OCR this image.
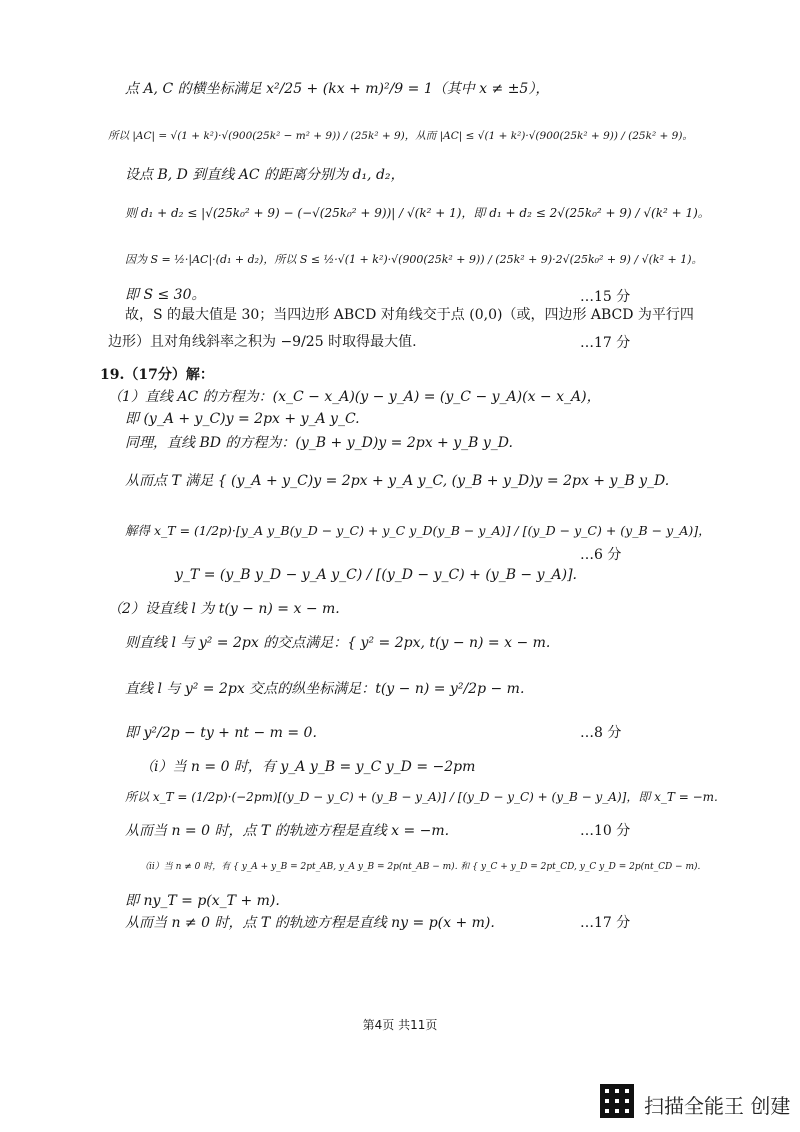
点 A, C 的横坐标满足 x²/25 + (kx + m)²/9 = 1（其中 x ≠ ±5），
所以 |AC| = √(1 + k²)·√(900(25k² − m² + 9)) / (25k² + 9)，从而 |AC| ≤ √(1 + k²)·√(900(25k² + 9)) / (25k² + 9)。
设点 B, D 到直线 AC 的距离分别为 d₁, d₂，
则 d₁ + d₂ ≤ |√(25k₀² + 9) − (−√(25k₀² + 9))| / √(k² + 1)，即 d₁ + d₂ ≤ 2√(25k₀² + 9) / √(k² + 1)。
因为 S = ½·|AC|·(d₁ + d₂)，所以 S ≤ ½·√(1 + k²)·√(900(25k² + 9)) / (25k² + 9)·2√(25k₀² + 9) / √(k² + 1)。
即 S ≤ 30。
故，S 的最大值是 30；当四边形 ABCD 对角线交于点 (0,0)（或，四边形 ABCD 为平行四
边形）且对角线斜率之积为 −9/25 时取得最大值.
19.（17分）解：
（1）直线 AC 的方程为：(x_C − x_A)(y − y_A) = (y_C − y_A)(x − x_A)，
即 (y_A + y_C)y = 2px + y_A y_C.
同理，直线 BD 的方程为：(y_B + y_D)y = 2px + y_B y_D.
从而点 T 满足 { (y_A + y_C)y = 2px + y_A y_C, (y_B + y_D)y = 2px + y_B y_D.
解得 x_T = (1/2p)·[y_A y_B(y_D − y_C) + y_C y_D(y_B − y_A)] / [(y_D − y_C) + (y_B − y_A)]，
y_T = (y_B y_D − y_A y_C) / [(y_D − y_C) + (y_B − y_A)].
（2）设直线 l 为 t(y − n) = x − m.
则直线 l 与 y² = 2px 的交点满足：{ y² = 2px, t(y − n) = x − m.
直线 l 与 y² = 2px 交点的纵坐标满足：t(y − n) = y²/2p − m.
即 y²/2p − ty + nt − m = 0.
（i）当 n = 0 时，有 y_A y_B = y_C y_D = −2pm
所以 x_T = (1/2p)·(−2pm)[(y_D − y_C) + (y_B − y_A)] / [(y_D − y_C) + (y_B − y_A)]，即 x_T = −m.
从而当 n = 0 时，点 T 的轨迹方程是直线 x = −m.
（ii）当 n ≠ 0 时，有 { y_A + y_B = 2pt_AB, y_A y_B = 2p(nt_AB − m). 和 { y_C + y_D = 2pt_CD, y_C y_D = 2p(nt_CD − m).
即 ny_T = p(x_T + m).
从而当 n ≠ 0 时，点 T 的轨迹方程是直线 ny = p(x + m).
…15 分
…17 分
…6 分
…8 分
…10 分
…17 分
第4页 共11页
扫描全能王 创建
